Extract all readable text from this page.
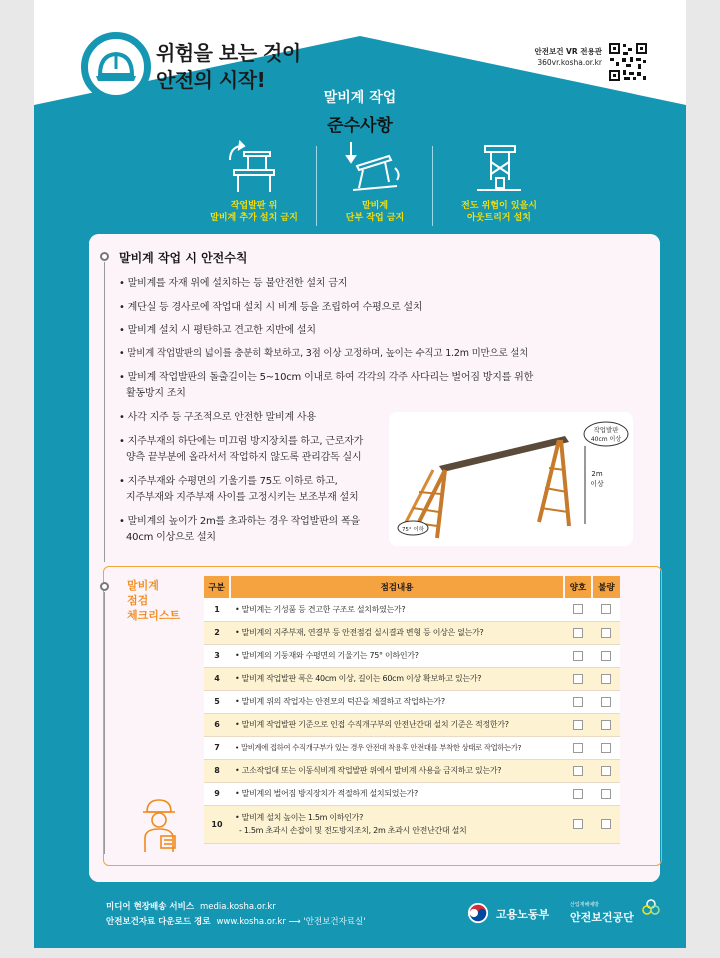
위험을 보는 것이
안전의 시작!
안전보건 VR 전용관
360vr.kosha.or.kr
말비계 작업
준수사항
작업발판 위
말비계 추가 설치 금지
말비계
단부 작업 금지
전도 위험이 있을시
아웃트리거 설치
말비계 작업 시 안전수칙
• 말비계를 자재 위에 설치하는 등 불안전한 설치 금지
• 계단실 등 경사로에 작업대 설치 시 비계 등을 조립하여 수평으로 설치
• 말비계 설치 시 평탄하고 견고한 지반에 설치
• 말비계 작업발판의 넓이를 충분히 확보하고, 3점 이상 고정하며, 높이는 수직고 1.2m 미만으로 설치
• 말비계 작업발판의 돌출길이는 5~10cm 이내로 하여 각각의 각주 사다리는 벌어짐 방지를 위한
활동방지 조치
• 사각 지주 등 구조적으로 안전한 말비계 사용
• 지주부재의 하단에는 미끄럼 방지장치를 하고, 근로자가
양측 끝부분에 올라서서 작업하지 않도록 관리감독 실시
• 지주부재와 수평면의 기울기를 75도 이하로 하고,
지주부재와 지주부재 사이를 고정시키는 보조부재 설치
• 말비계의 높이가 2m를 초과하는 경우 작업발판의 폭을
40cm 이상으로 설치
작업발판
40cm 이상
2m
이상
75° 이하
말비계
점검
체크리스트
구분	점검내용	양호	불량
1	• 말비계는 기성품 등 견고한 구조로 설치하였는가?		
2	• 말비계의 지주부재, 연결부 등 안전점검 실시결과 변형 등 이상은 없는가?		
3	• 말비계의 기둥재와 수평면의 기울기는 75° 이하인가?		
4	• 말비계 작업발판 폭은 40cm 이상, 길이는 60cm 이상 확보하고 있는가?		
5	• 말비계 위의 작업자는 안전모의 턱끈을 체결하고 작업하는가?		
6	• 말비계 작업발판 기준으로 인접 수직개구부의 안전난간대 설치 기준은 적정한가?		
7	• 말비계에 접하여 수직개구부가 있는 경우 안전대 착용후 안전대를 부착한 상태로 작업하는가?		
8	• 고소작업대 또는 이동식비계 작업발판 위에서 말비계 사용을 금지하고 있는가?		
9	• 말비계의 벌어짐 방지장치가 적절하게 설치되었는가?		
10	• 말비계 설치 높이는 1.5m 이하인가?
- 1.5m 초과시 손잡이 및 전도방지조치, 2m 초과시 안전난간대 설치		

미디어 현장배송 서비스 media.kosha.or.kr
안전보건자료 다운로드 경로 www.kosha.or.kr ⟶ '안전보건자료실'
고용노동부
산업재해예방
안전보건공단
